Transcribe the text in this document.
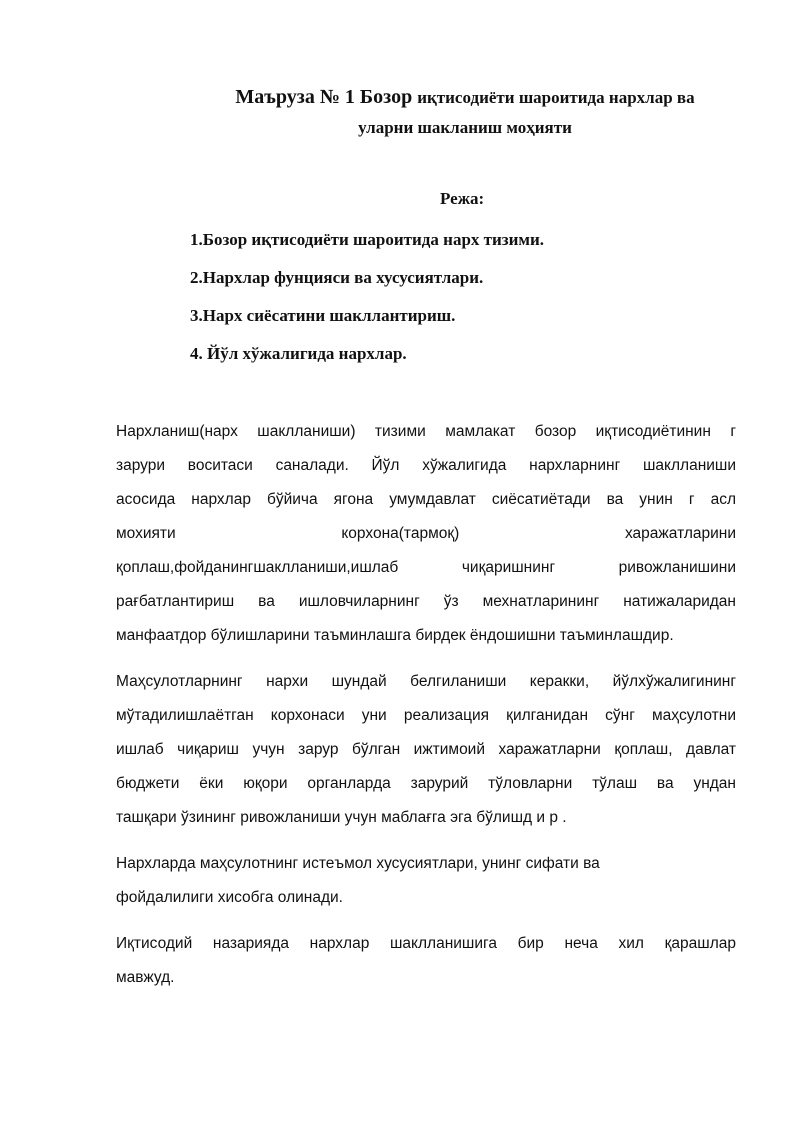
Маъруза № 1 Бозор иқтисодиёти шароитида нархлар ва
уларни шакланиш моҳияти
Режа:
1.Бозор иқтисодиёти шароитида нарх тизими.
2.Нархлар фунцияси ва хусусиятлари.
3.Нарх сиёсатини шакллантириш.
4. Йўл хўжалигида нархлар.

Нархланиш(нарх шаклланиши) тизими мамлакат бозор иқтисодиётинин г
зарури воситаси саналади. Йўл хўжалигида нархларнинг шаклланиши
асосида нархлар бўйича ягона умумдавлат сиёсатиётади ва унин г асл
мохияти корхона(тармоқ) харажатларини
қоплаш,фойданингшаклланиши,ишлаб чиқаришнинг ривожланишини
рағбатлантириш ва ишловчиларнинг ўз мехнатларининг натижаларидан
манфаатдор бўлишларини таъминлашга бирдек ёндошишни таъминлашдир.

Маҳсулотларнинг нархи шундай белгиланиши керакки, йўлхўжалигининг
мўтадилишлаётган корхонаси уни реализация қилганидан сўнг маҳсулотни
ишлаб чиқариш учун зарур бўлган ижтимоий харажатларни қоплаш, давлат
бюджети ёки юқори органларда зарурий тўловларни тўлаш ва ундан
ташқари ўзининг ривожланиши учун маблағга эга бўлишд и р .

Нархларда маҳсулотнинг истеъмол хусусиятлари, унинг сифати ва
фойдалилиги хисобга олинади.

Иқтисодий назарияда нархлар шаклланишига бир неча хил қарашлар
мавжуд.
